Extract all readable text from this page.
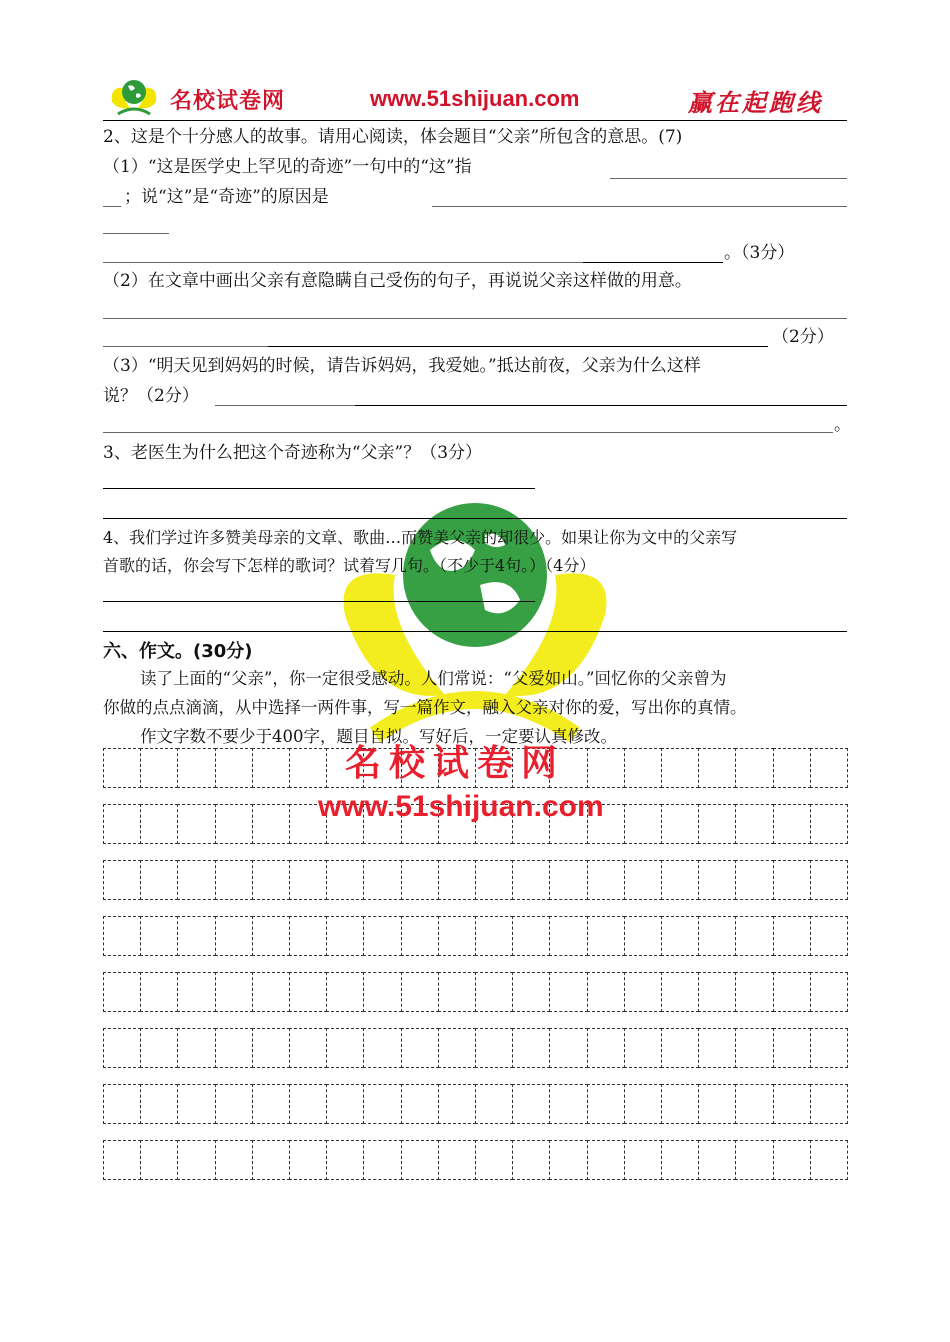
名校试卷网	www.51shijuan.com	赢在起跑线
2、这是个十分感人的故事。请用心阅读，体会题目“父亲”所包含的意思。(7)
（1）“这是医学史上罕见的奇迹”一句中的“这”指
；说“这”是“奇迹”的原因是
。（3分）
（2）在文章中画出父亲有意隐瞒自己受伤的句子，再说说父亲这样做的用意。
（2分）
（3）“明天见到妈妈的时候，请告诉妈妈，我爱她。”抵达前夜，父亲为什么这样
说？（2分）
。
3、老医生为什么把这个奇迹称为“父亲”？（3分）
4、我们学过许多赞美母亲的文章、歌曲…而赞美父亲的却很少。如果让你为文中的父亲写
首歌的话，你会写下怎样的歌词？试着写几句。（不少于4句。）（4分）
六、作文。(30分)
读了上面的“父亲”，你一定很受感动。人们常说：“父爱如山。”回忆你的父亲曾为
你做的点点滴滴，从中选择一两件事，写一篇作文，融入父亲对你的爱，写出你的真情。
作文字数不要少于400字，题目自拟。写好后，一定要认真修改。
名校试卷网
www.51shijuan.com
